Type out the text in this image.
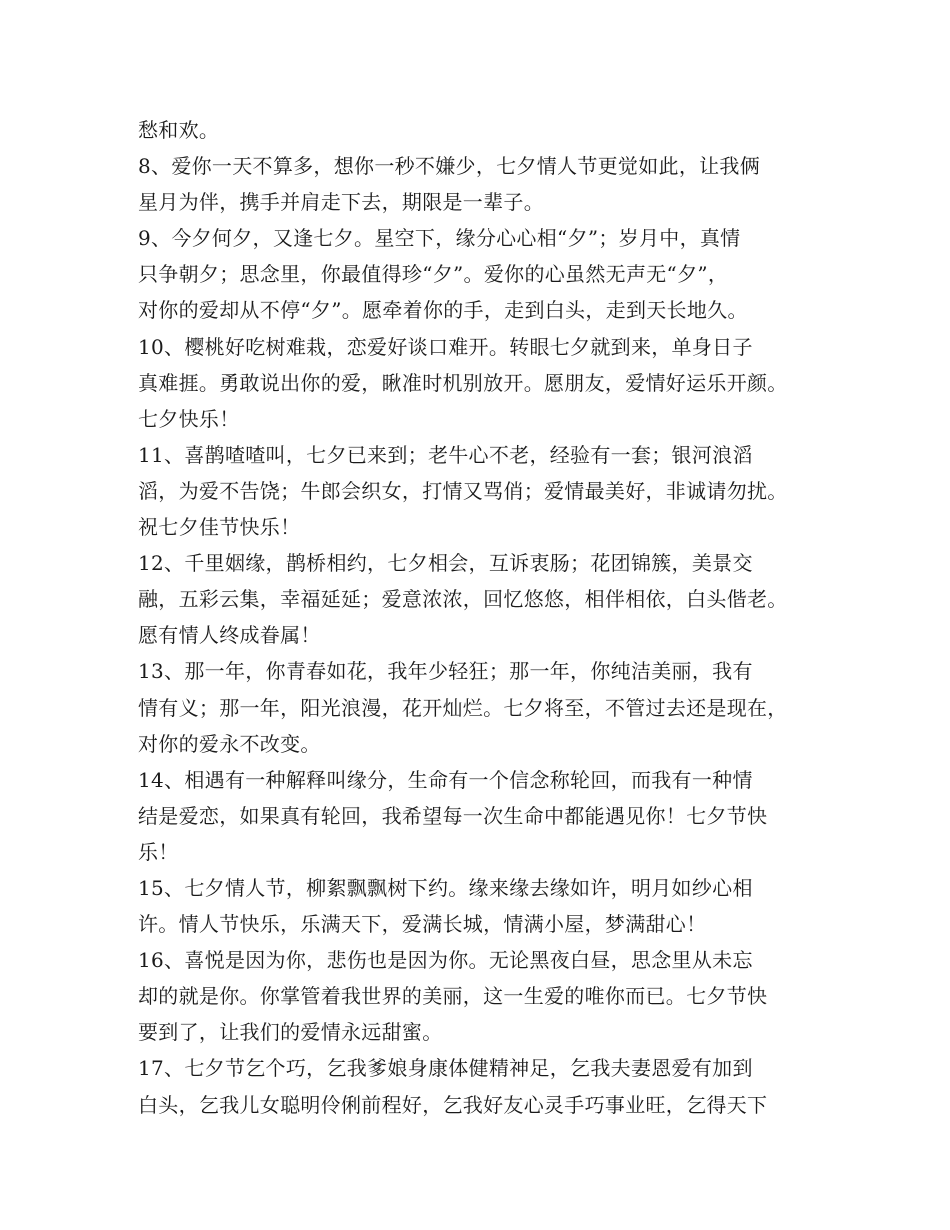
愁和欢。
8、爱你一天不算多，想你一秒不嫌少，七夕情人节更觉如此，让我俩
星月为伴，携手并肩走下去，期限是一辈子。
9、今夕何夕，又逢七夕。星空下，缘分心心相“夕”；岁月中，真情
只争朝夕；思念里，你最值得珍“夕”。爱你的心虽然无声无“夕”，
对你的爱却从不停“夕”。愿牵着你的手，走到白头，走到天长地久。
10、樱桃好吃树难栽，恋爱好谈口难开。转眼七夕就到来，单身日子
真难捱。勇敢说出你的爱，瞅准时机别放开。愿朋友，爱情好运乐开颜。
七夕快乐！
11、喜鹊喳喳叫，七夕已来到；老牛心不老，经验有一套；银河浪滔
滔，为爱不告饶；牛郎会织女，打情又骂俏；爱情最美好，非诚请勿扰。
祝七夕佳节快乐！
12、千里姻缘，鹊桥相约，七夕相会，互诉衷肠；花团锦簇，美景交
融，五彩云集，幸福延延；爱意浓浓，回忆悠悠，相伴相依，白头偕老。
愿有情人终成眷属！
13、那一年，你青春如花，我年少轻狂；那一年，你纯洁美丽，我有
情有义；那一年，阳光浪漫，花开灿烂。七夕将至，不管过去还是现在，
对你的爱永不改变。
14、相遇有一种解释叫缘分，生命有一个信念称轮回，而我有一种情
结是爱恋，如果真有轮回，我希望每一次生命中都能遇见你！七夕节快
乐！
15、七夕情人节，柳絮飘飘树下约。缘来缘去缘如许，明月如纱心相
许。情人节快乐，乐满天下，爱满长城，情满小屋，梦满甜心！
16、喜悦是因为你，悲伤也是因为你。无论黑夜白昼，思念里从未忘
却的就是你。你掌管着我世界的美丽，这一生爱的唯你而已。七夕节快
要到了，让我们的爱情永远甜蜜。
17、七夕节乞个巧，乞我爹娘身康体健精神足，乞我夫妻恩爱有加到
白头，乞我儿女聪明伶俐前程好，乞我好友心灵手巧事业旺，乞得天下
